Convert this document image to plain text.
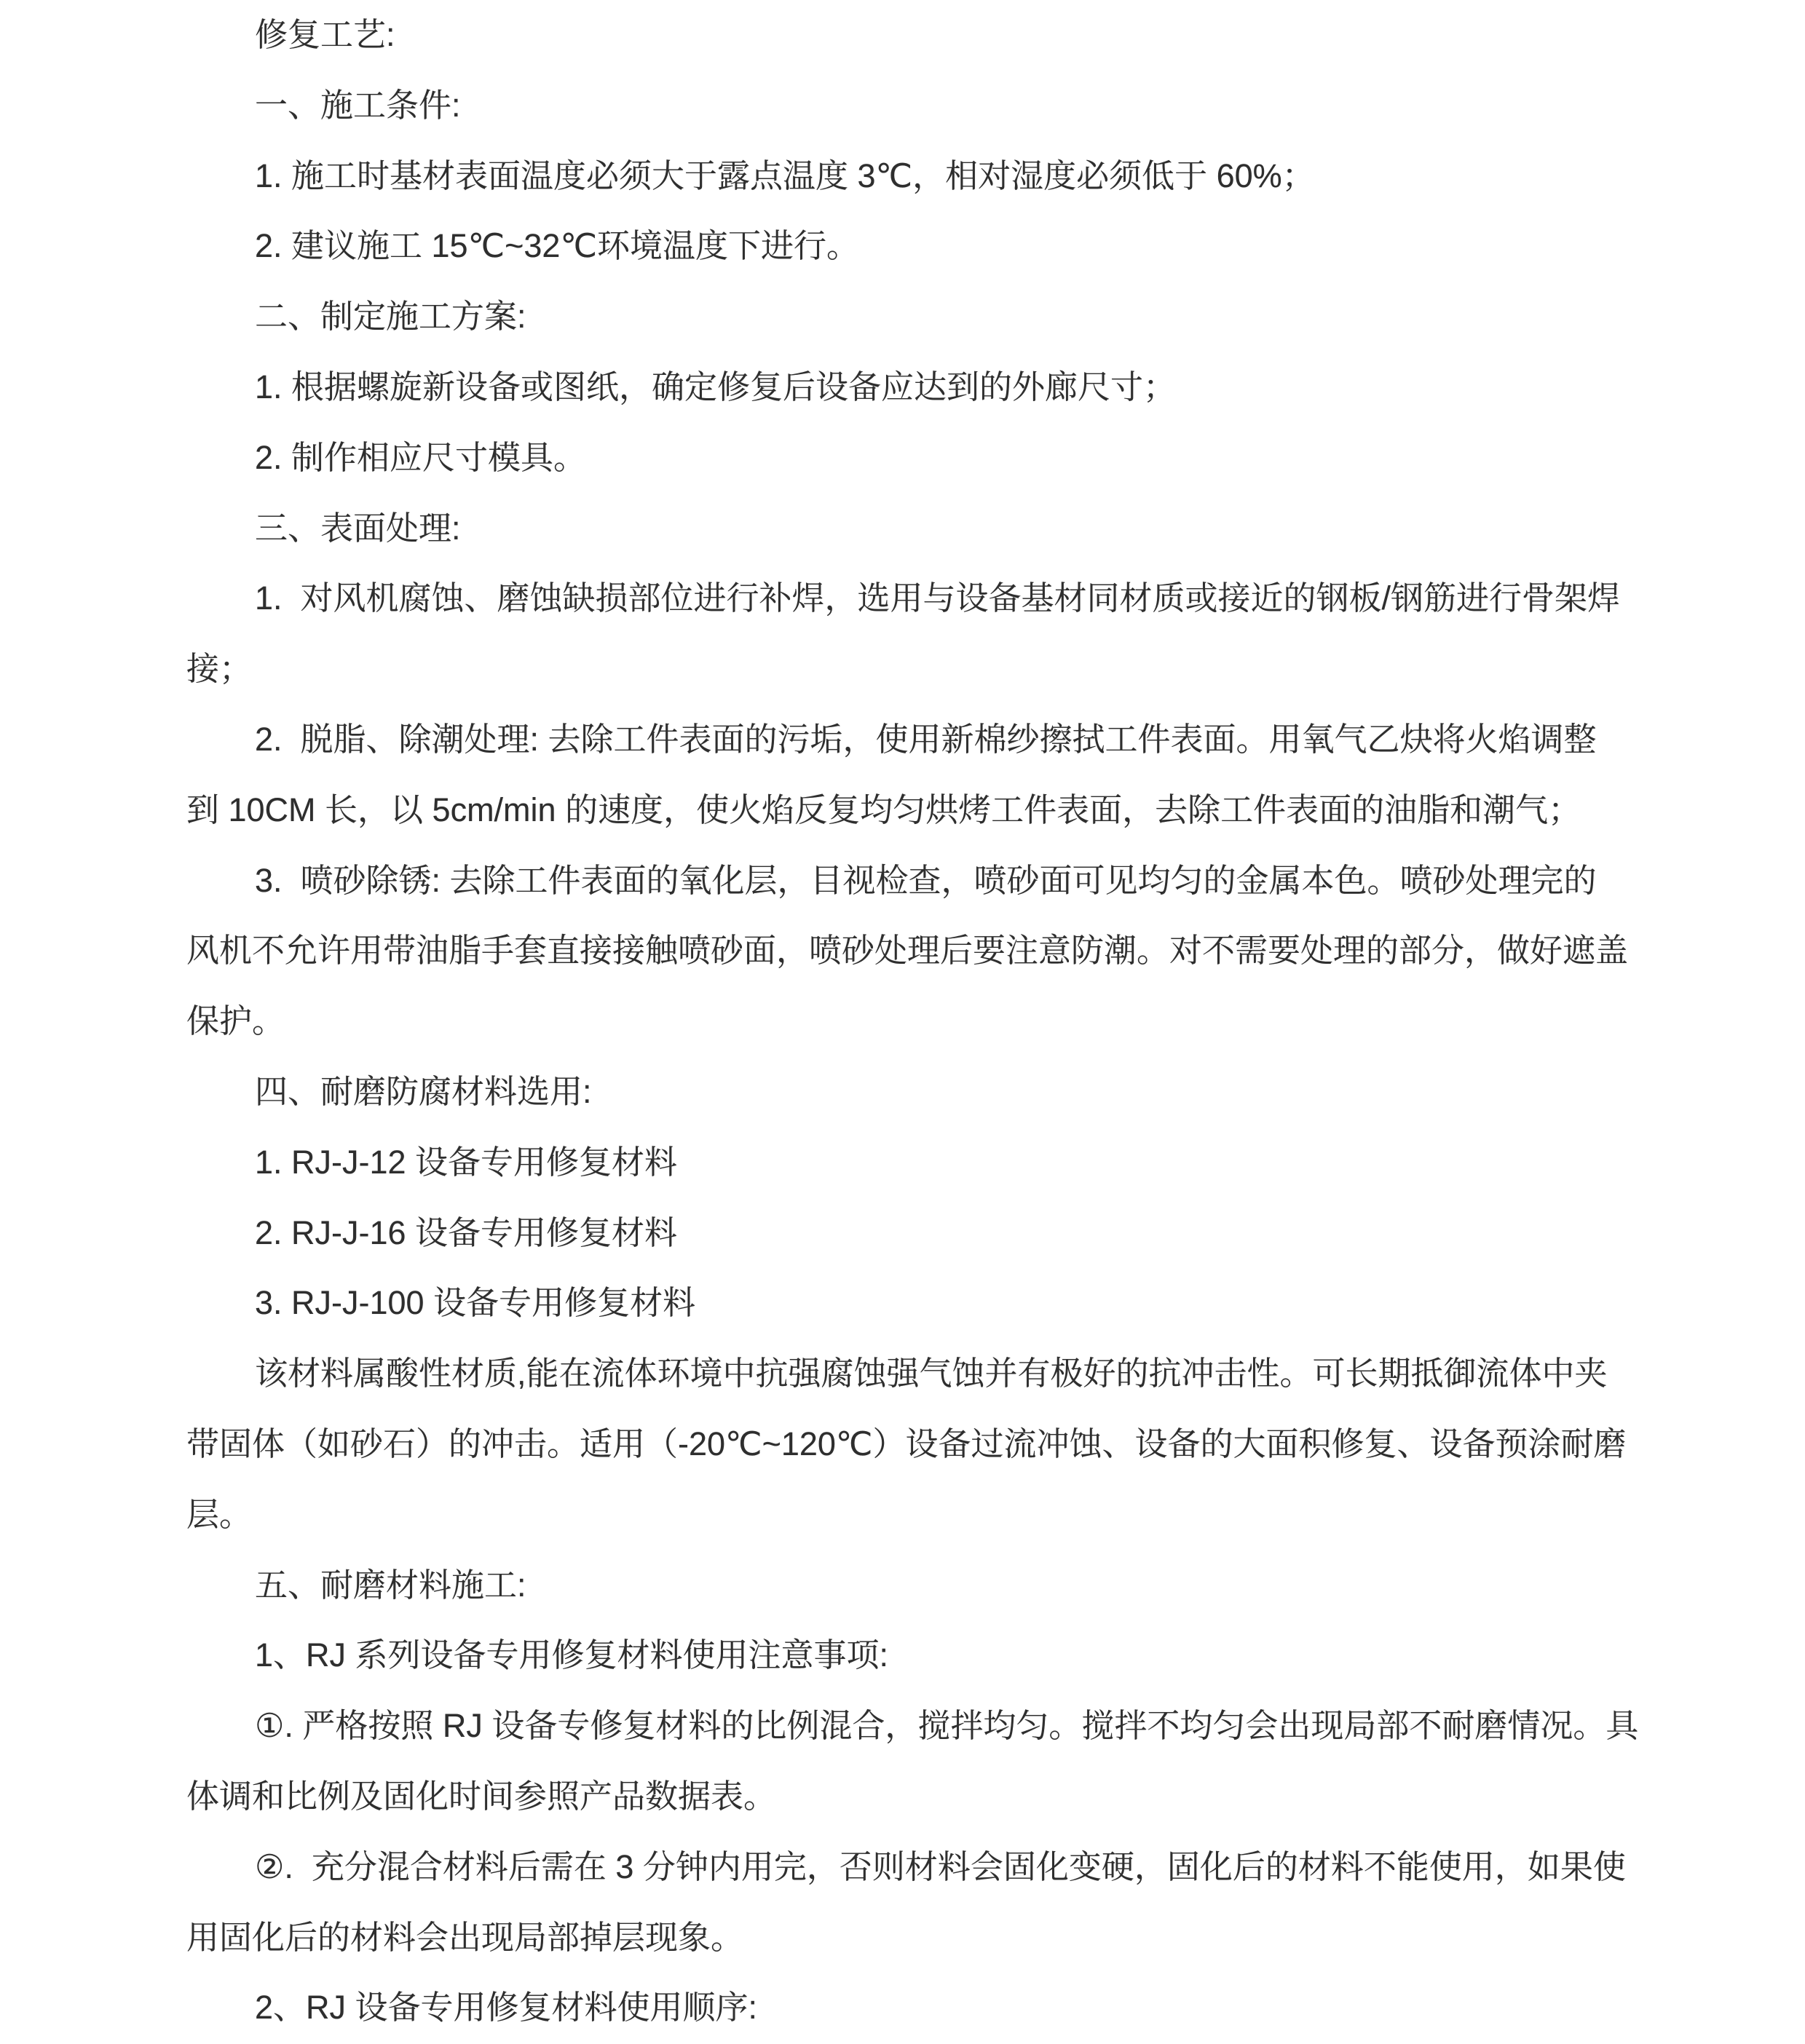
修复工艺:

一、施工条件:

1. 施工时基材表面温度必须大于露点温度 3℃，相对湿度必须低于 60%；

2. 建议施工 15℃~32℃环境温度下进行。

二、制定施工方案:

1. 根据螺旋新设备或图纸，确定修复后设备应达到的外廊尺寸；

2. 制作相应尺寸模具。

三、表面处理:

1.  对风机腐蚀、磨蚀缺损部位进行补焊，选用与设备基材同材质或接近的钢板/钢筋进行骨架焊

接；

2.  脱脂、除潮处理: 去除工件表面的污垢，使用新棉纱擦拭工件表面。用氧气乙炔将火焰调整

到 10CM 长，以 5cm/min 的速度，使火焰反复均匀烘烤工件表面，去除工件表面的油脂和潮气；

3.  喷砂除锈: 去除工件表面的氧化层，目视检查，喷砂面可见均匀的金属本色。喷砂处理完的

风机不允许用带油脂手套直接接触喷砂面，喷砂处理后要注意防潮。对不需要处理的部分，做好遮盖

保护。

四、耐磨防腐材料选用:

1. RJ-J-12 设备专用修复材料

2. RJ-J-16 设备专用修复材料

3. RJ-J-100 设备专用修复材料

该材料属酸性材质,能在流体环境中抗强腐蚀强气蚀并有极好的抗冲击性。可长期抵御流体中夹

带固体（如砂石）的冲击。适用（-20℃~120℃）设备过流冲蚀、设备的大面积修复、设备预涂耐磨

层。

五、耐磨材料施工:

1、RJ 系列设备专用修复材料使用注意事项:

①. 严格按照 RJ 设备专修复材料的比例混合，搅拌均匀。搅拌不均匀会出现局部不耐磨情况。具

体调和比例及固化时间参照产品数据表。

②.  充分混合材料后需在 3 分钟内用完，否则材料会固化变硬，固化后的材料不能使用，如果使

用固化后的材料会出现局部掉层现象。

2、RJ 设备专用修复材料使用顺序:
